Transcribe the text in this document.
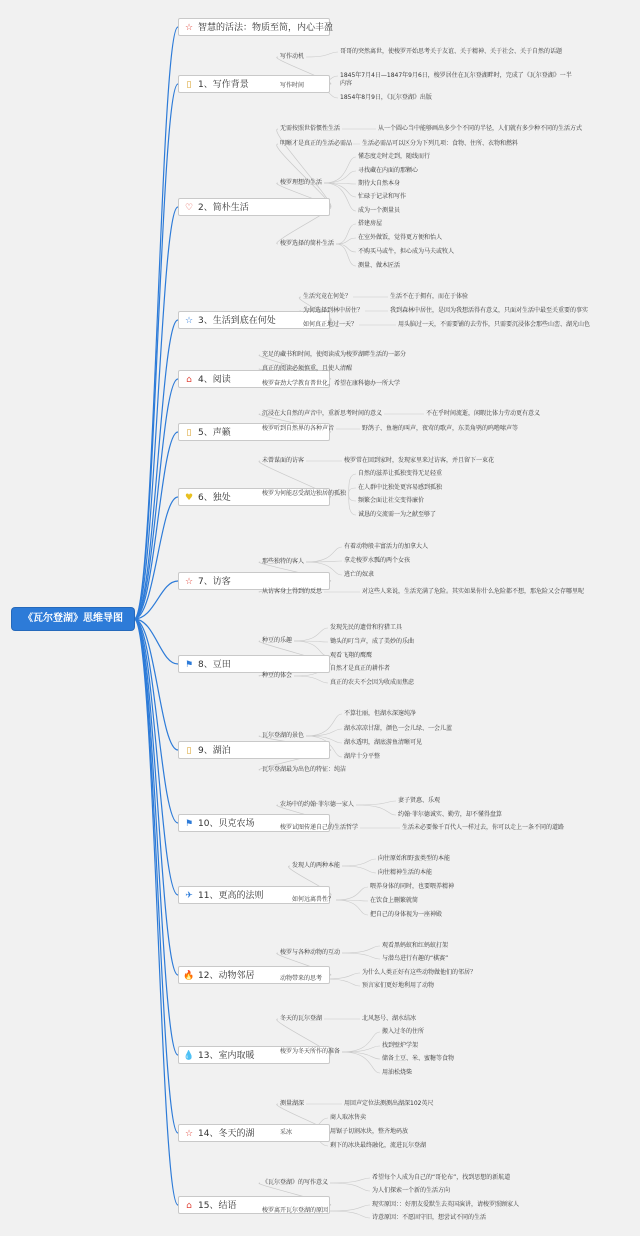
《瓦尔登湖》思维导图
☆ 智慧的活法：物质至简，内心丰盈
▯ 1、写作背景
写作动机
哥哥的突然离世，使梭罗开始思考关于友谊、关于精神、关于社会、关于自然的话题
写作时间
1845年7月4日—1847年9月6日，梭罗居住在瓦尔登湖畔时，完成了《瓦尔登湖》一半内容
1854年8月9日，《瓦尔登湖》出版
♡ 2、简朴生活
无需按照世俗惯性生活	从一个圆心当中能够画出多少个不同的半径，人们就有多少种不同的生活方式
明晰才是真正的生活必需品 生活必需品可以区分为下列几项：食物、住所、衣物和燃料
梭罗理想的生活
懂态度走时走到，随线而行
寻找藏在内面的那颗心
期待大自然本身
忙碌于记录和写作
成为一个测量员
梭罗选择的简朴生活
搭建房屋
在室外做饭，觉得更方便和怡人
不购买马或牛，担心成为马夫或牧人
测量、做木匠活
☆ 3、生活到底在何处
生活究竟在何处？	生活不在于拥有，而在于体验
为何选择到林中居住？	我到森林中居住，是因为我想活得有意义，只面对生活中最至关重要的事实
如何真正地过一天？	用头脑过一天，不需要铺的去劳作，只需要沉浸体会那些山峦、湖光山色
⌂ 4、阅读
充足的藏书和时间，使阅读成为梭罗湖畔生活的一部分
真正的阅读必须慎重，且使人清醒
梭罗奋劲大学教育普世化，希望在康科德办一所大学
▯ 5、声籁
沉浸在大自然的声音中，重新思考时间的意义	不在乎时间流逝，闲暇比体力劳动更有意义
梭罗听到自然界的各种声音	野鸽子、鱼塘的叫声，夜莺的歌声，东美角鸮的呜噜嗦声等
♥ 6、独处
未曾谋面的访客	梭罗常在回到家时，发现家里来过访客，并且留下一束花
梭罗为何能忍受湖边独居的孤独
自然的滋养让孤独变得无足轻重
在人群中比独处更容易感到孤独
频繁会面让社交变得廉价
诚恳的交流需一为之献至够了
☆ 7、访客
那些独特的客人
有着动物般丰富活力的加拿大人
拿走梭罗水瓢的两个女孩
逃亡的奴隶
从访客身上得到的反思	对这些人来说，生活充满了危险。其实如果你什么危险都不想，那危险又会存哪里呢
⚑ 8、豆田
种豆的乐趣
发现先民的遗骨和狩猎工具
锄头的叮当声，成了美妙的乐曲
观看飞翔的鹰鹰
种豆的体会
自然才是真正的耕作者
真正的农夫不会因为收成而焦虑
▯ 9、湖泊
瓦尔登湖的景色
不算壮丽，但湖水深邃纯净
湖水凉凉甘甜，颜色一会儿绿、一会儿蓝
湖水透明，湖底游鱼清晰可见
湖岸十分平整
瓦尔登湖最为出色的特征：纯洁
⚑ 10、贝克农场
农场中的约翰·菲尔德一家人
妻子贤惠、乐观
约翰·菲尔德诚实、勤劳，却不懂得盘算
梭罗试图传递自己的生活哲学	生活未必要像千百代人一样过去，你可以走上一条不同的道路
✈ 11、更高的法则
发现人的两种本能
向往原始和野蛮类型的本能
向往精神生活的本能
如何远离兽性？
喂养身体的同时，也要喂养精神
在饮食上删繁就简
把自己的身体视为一座神殿
🔥 12、动物邻居
梭罗与各种动物的互动
观看黑蚂蚁和红蚂蚁打架
与潜鸟进行有趣的“棋赛”
动物带来的思考
为什么人类正好有这些动物做他们的邻居？
预言家们更好地利用了动物
💧 13、室内取暖
冬天的瓦尔登湖	北风怒号、湖水结冰
梭罗为冬天所作的准备
搬入过冬的住所
找到壁炉学架
储备土豆、米、蜜糖等食物
用油松烧柴
☆ 14、冬天的湖
测量湖深	用回声定位法测测出湖深102英尺
采冰
商人取冰售卖
用锯子切割冰块，整齐地码放
剩下的冰块最终融化，流进瓦尔登湖
⌂ 15、结语
《瓦尔登湖》的写作意义
希望每个人成为自己的“哥伦布”，找到思想的新航道
为人们探索一个新的生活方向
梭罗离开瓦尔登湖的原因
现实原因：：好朋友爱默生去英国演讲，请梭罗照顾家人
诗意原因：不愿固守旧，想尝试不同的生活
